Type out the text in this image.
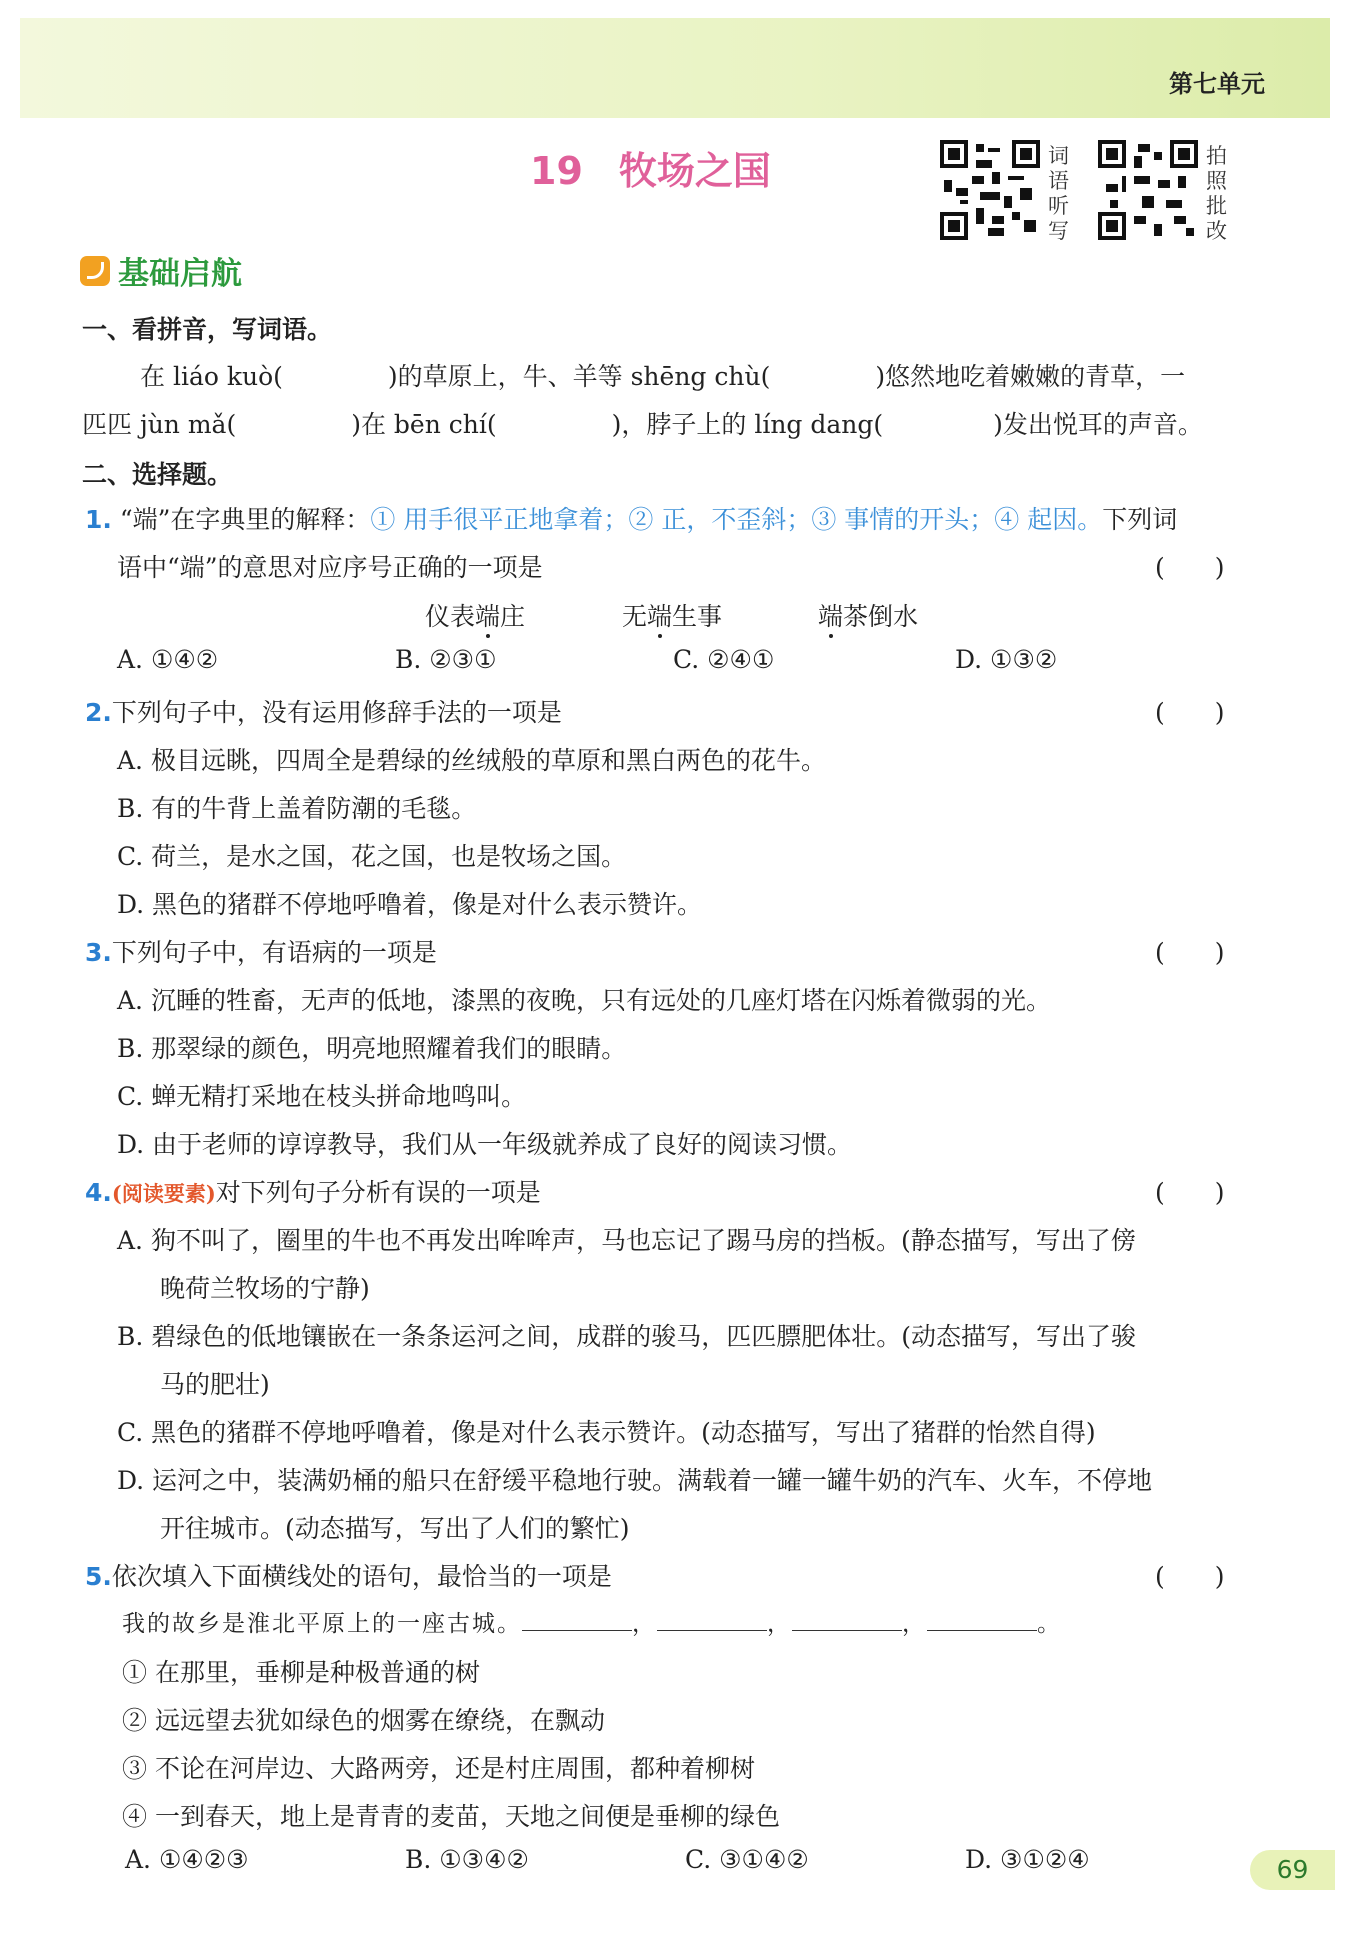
第七单元
19 牧场之国	词
语
听
写
拍
照
批
改
基础启航
一、看拼音，写词语。
在 liáo kuò(	)的草原上，牛、羊等 shēng chù(	)悠然地吃着嫩嫩的青草，一
匹匹 jùn mǎ(	)在 bēn chí(	)，脖子上的 líng dang(	)发出悦耳的声音。
二、选择题。
1. “端”在字典里的解释：① 用手很平正地拿着；② 正，不歪斜；③ 事情的开头；④ 起因。下列词
语中“端”的意思对应序号正确的一项是	(　　)
仪表端庄	无端生事	端茶倒水
A. ①④②	B. ②③①	C. ②④①	D. ①③②
2.下列句子中，没有运用修辞手法的一项是	(　　)
A. 极目远眺，四周全是碧绿的丝绒般的草原和黑白两色的花牛。
B. 有的牛背上盖着防潮的毛毯。
C. 荷兰，是水之国，花之国，也是牧场之国。
D. 黑色的猪群不停地呼噜着，像是对什么表示赞许。
3.下列句子中，有语病的一项是	(　　)
A. 沉睡的牲畜，无声的低地，漆黑的夜晚，只有远处的几座灯塔在闪烁着微弱的光。
B. 那翠绿的颜色，明亮地照耀着我们的眼睛。
C. 蝉无精打采地在枝头拼命地鸣叫。
D. 由于老师的谆谆教导，我们从一年级就养成了良好的阅读习惯。
4.(阅读要素)对下列句子分析有误的一项是	(　　)
A. 狗不叫了，圈里的牛也不再发出哞哞声，马也忘记了踢马房的挡板。(静态描写，写出了傍
晚荷兰牧场的宁静)
B. 碧绿色的低地镶嵌在一条条运河之间，成群的骏马，匹匹膘肥体壮。(动态描写，写出了骏
马的肥壮)
C. 黑色的猪群不停地呼噜着，像是对什么表示赞许。(动态描写，写出了猪群的怡然自得)
D. 运河之中，装满奶桶的船只在舒缓平稳地行驶。满载着一罐一罐牛奶的汽车、火车，不停地
开往城市。(动态描写，写出了人们的繁忙)
5.依次填入下面横线处的语句，最恰当的一项是	(　　)
我的故乡是淮北平原上的一座古城。	，	，	，	。
① 在那里，垂柳是种极普通的树
② 远远望去犹如绿色的烟雾在缭绕，在飘动
③ 不论在河岸边、大路两旁，还是村庄周围，都种着柳树
④ 一到春天，地上是青青的麦苗，天地之间便是垂柳的绿色
A. ①④②③	B. ①③④②	C. ③①④②	D. ③①②④	69
